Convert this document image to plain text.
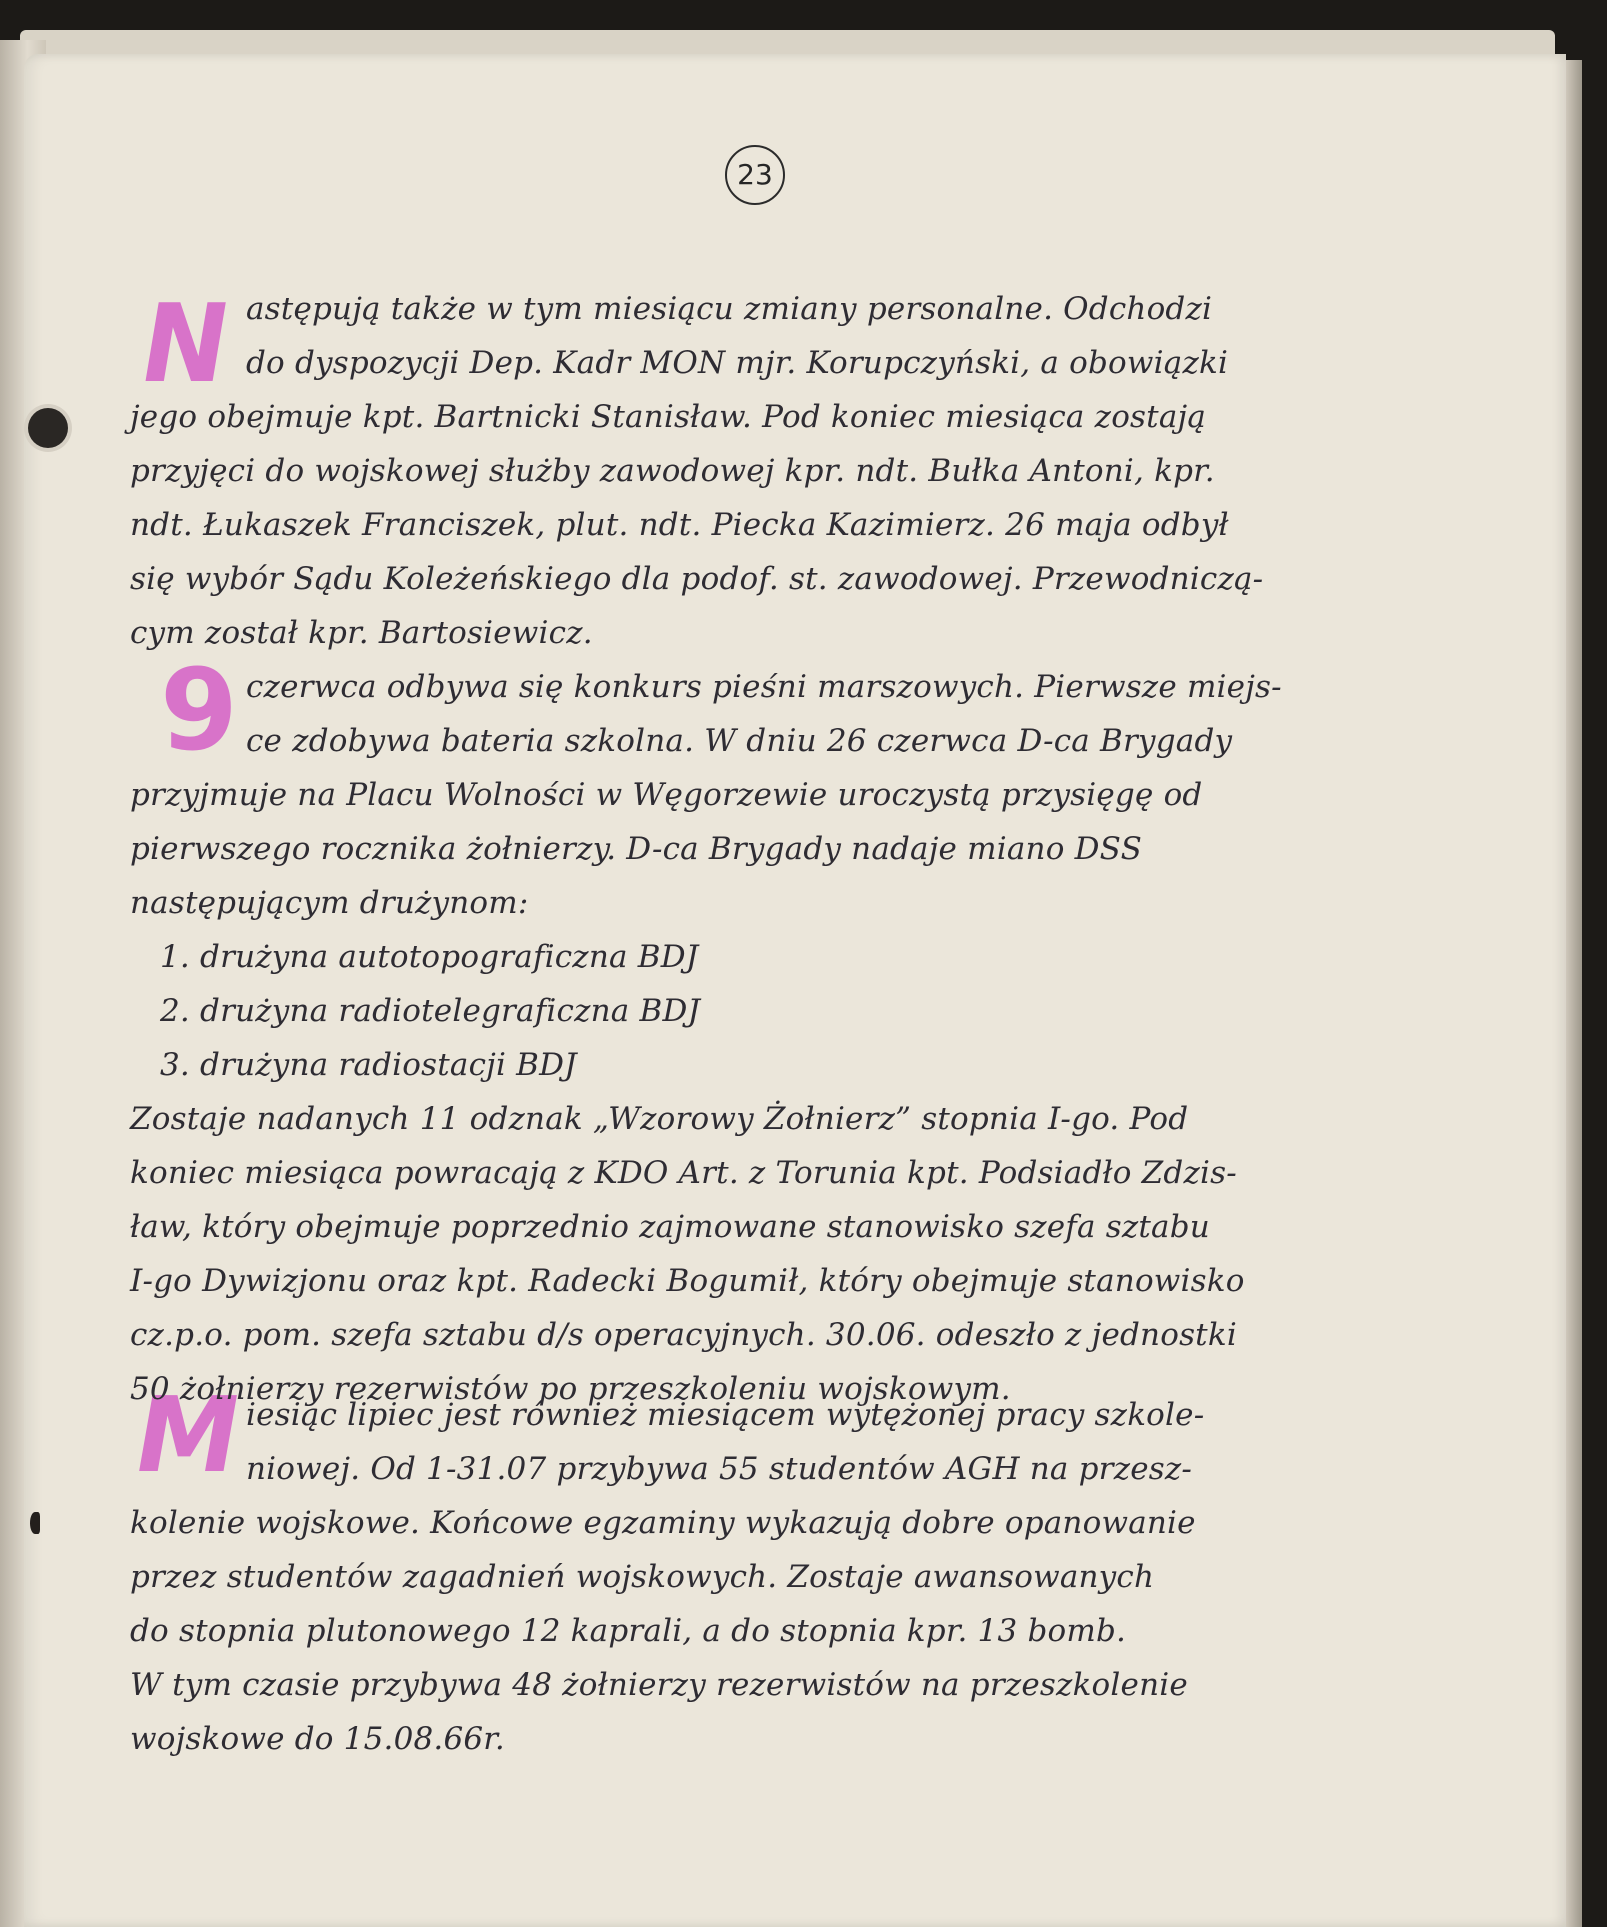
23
N
9
M
astępują także w tym miesiącu zmiany personalne. Odchodzi
do dyspozycji Dep. Kadr MON mjr. Korupczyński, a obowiązki
jego obejmuje kpt. Bartnicki Stanisław. Pod koniec miesiąca zostają
przyjęci do wojskowej służby zawodowej kpr. ndt. Bułka Antoni, kpr.
ndt. Łukaszek Franciszek, plut. ndt. Piecka Kazimierz. 26 maja odbył
się wybór Sądu Koleżeńskiego dla podof. st. zawodowej. Przewodniczą-
cym został kpr. Bartosiewicz.
czerwca odbywa się konkurs pieśni marszowych. Pierwsze miejs-
ce zdobywa bateria szkolna. W dniu 26 czerwca D-ca Brygady
przyjmuje na Placu Wolności w Węgorzewie uroczystą przysięgę od
pierwszego rocznika żołnierzy. D-ca Brygady nadaje miano DSS
następującym drużynom:
1. drużyna autotopograficzna BDJ
2. drużyna radiotelegraficzna BDJ
3. drużyna radiostacji BDJ
Zostaje nadanych 11 odznak „Wzorowy Żołnierz” stopnia I-go. Pod
koniec miesiąca powracają z KDO Art. z Torunia kpt. Podsiadło Zdzis-
ław, który obejmuje poprzednio zajmowane stanowisko szefa sztabu
I-go Dywizjonu oraz kpt. Radecki Bogumił, który obejmuje stanowisko
cz.p.o. pom. szefa sztabu d/s operacyjnych. 30.06. odeszło z jednostki
50 żołnierzy rezerwistów po przeszkoleniu wojskowym.
iesiąc lipiec jest również miesiącem wytężonej pracy szkole-
niowej. Od 1-31.07 przybywa 55 studentów AGH na przesz-
kolenie wojskowe. Końcowe egzaminy wykazują dobre opanowanie
przez studentów zagadnień wojskowych. Zostaje awansowanych
do stopnia plutonowego 12 kaprali, a do stopnia kpr. 13 bomb.
W tym czasie przybywa 48 żołnierzy rezerwistów na przeszkolenie
wojskowe do 15.08.66r.
